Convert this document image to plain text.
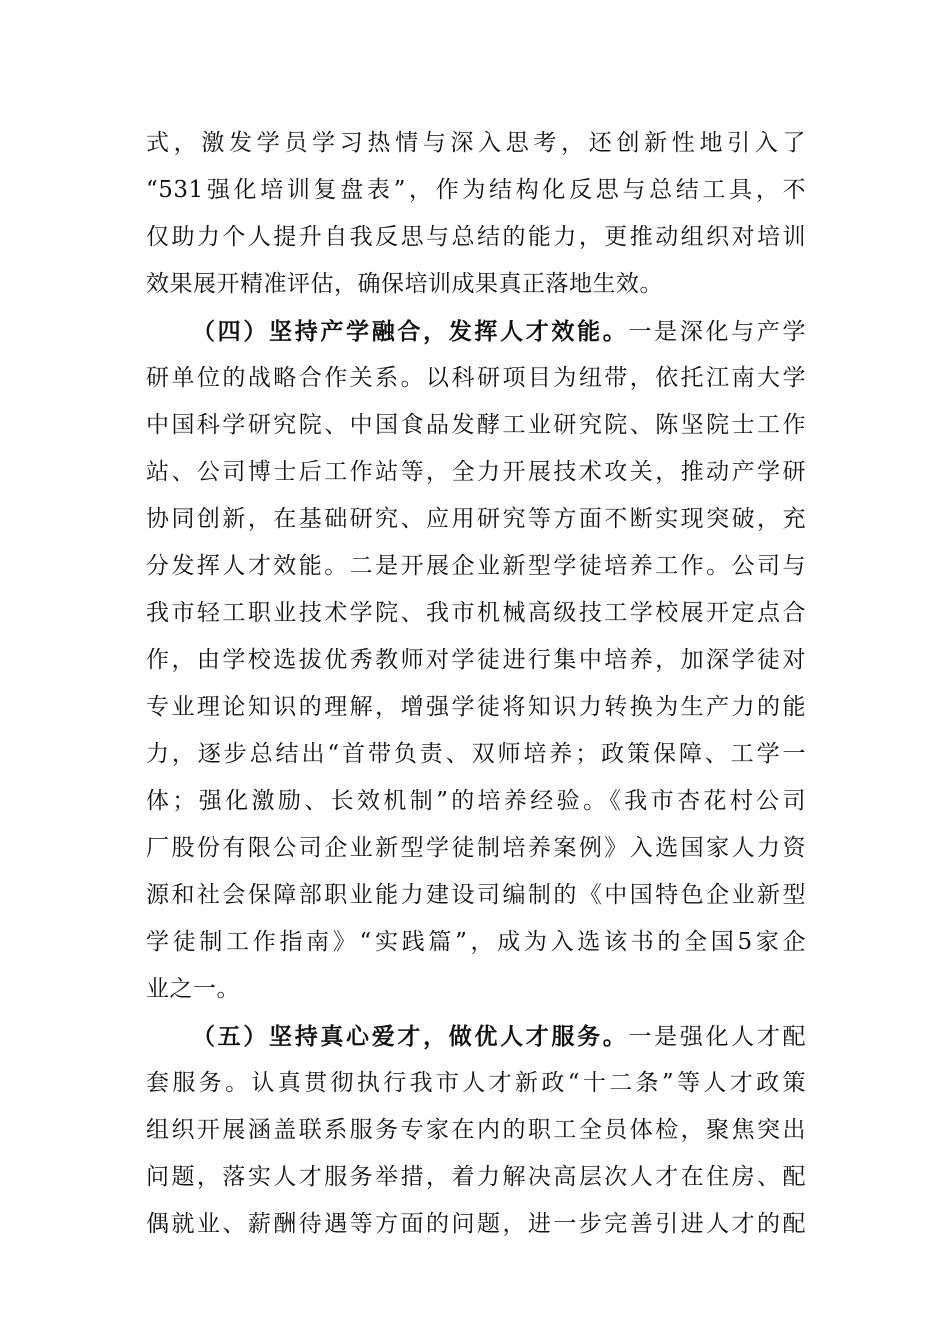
式，激发学员学习热情与深入思考，还创新性地引入了
“531强化培训复盘表”，作为结构化反思与总结工具，不
仅助力个人提升自我反思与总结的能力，更推动组织对培训
效果展开精准评估，确保培训成果真正落地生效。
（四）坚持产学融合，发挥人才效能。一是深化与产学
研单位的战略合作关系。以科研项目为纽带，依托江南大学
中国科学研究院、中国食品发酵工业研究院、陈坚院士工作
站、公司博士后工作站等，全力开展技术攻关，推动产学研
协同创新，在基础研究、应用研究等方面不断实现突破，充
分发挥人才效能。二是开展企业新型学徒培养工作。公司与
我市轻工职业技术学院、我市机械高级技工学校展开定点合
作，由学校选拔优秀教师对学徒进行集中培养，加深学徒对
专业理论知识的理解，增强学徒将知识力转换为生产力的能
力，逐步总结出“首带负责、双师培养；政策保障、工学一
体；强化激励、长效机制”的培养经验。《我市杏花村公司
厂股份有限公司企业新型学徒制培养案例》入选国家人力资
源和社会保障部职业能力建设司编制的《中国特色企业新型
学徒制工作指南》“实践篇”，成为入选该书的全国5家企
业之一。
（五）坚持真心爱才，做优人才服务。一是强化人才配
套服务。认真贯彻执行我市人才新政“十二条”等人才政策
组织开展涵盖联系服务专家在内的职工全员体检，聚焦突出
问题，落实人才服务举措，着力解决高层次人才在住房、配
偶就业、薪酬待遇等方面的问题，进一步完善引进人才的配
